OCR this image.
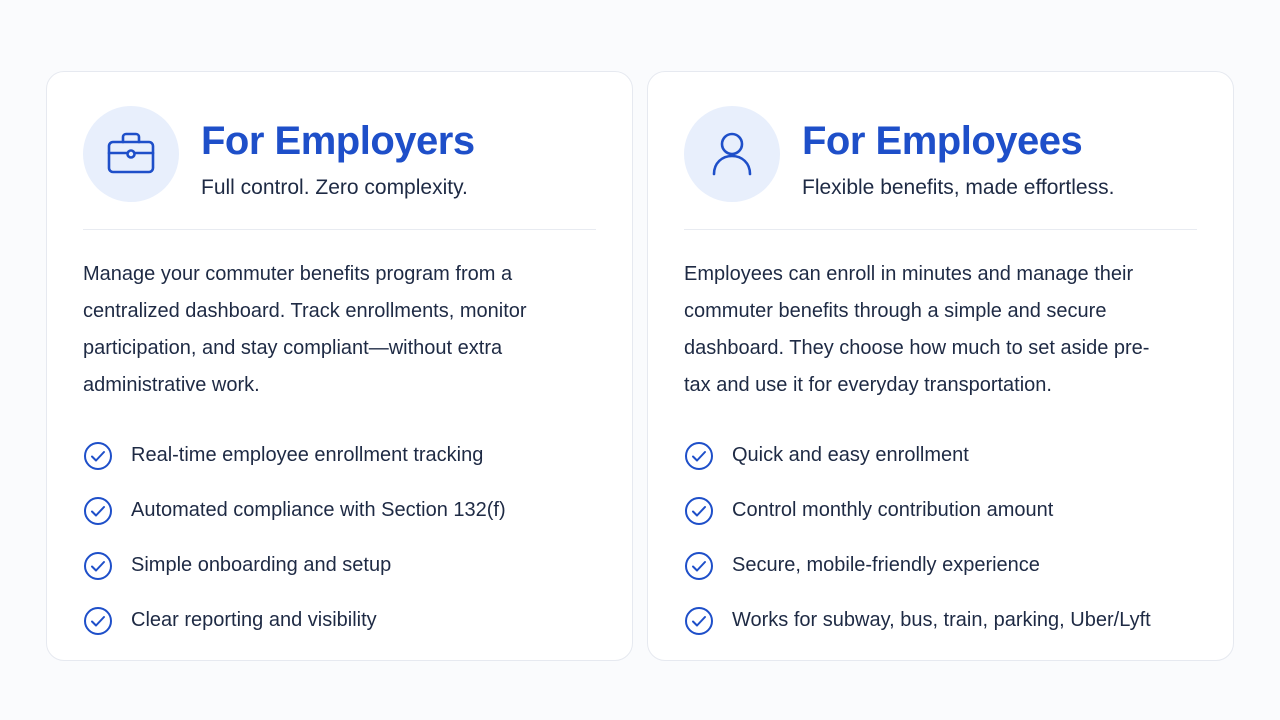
For Employers
Full control. Zero complexity.
Manage your commuter benefits program from a centralized dashboard. Track enrollments, monitor participation, and stay compliant—without extra administrative work.
Real-time employee enrollment tracking
Automated compliance with Section 132(f)
Simple onboarding and setup
Clear reporting and visibility
For Employees
Flexible benefits, made effortless.
Employees can enroll in minutes and manage their commuter benefits through a simple and secure dashboard. They choose how much to set aside pre-tax and use it for everyday transportation.
Quick and easy enrollment
Control monthly contribution amount
Secure, mobile-friendly experience
Works for subway, bus, train, parking, Uber/Lyft
